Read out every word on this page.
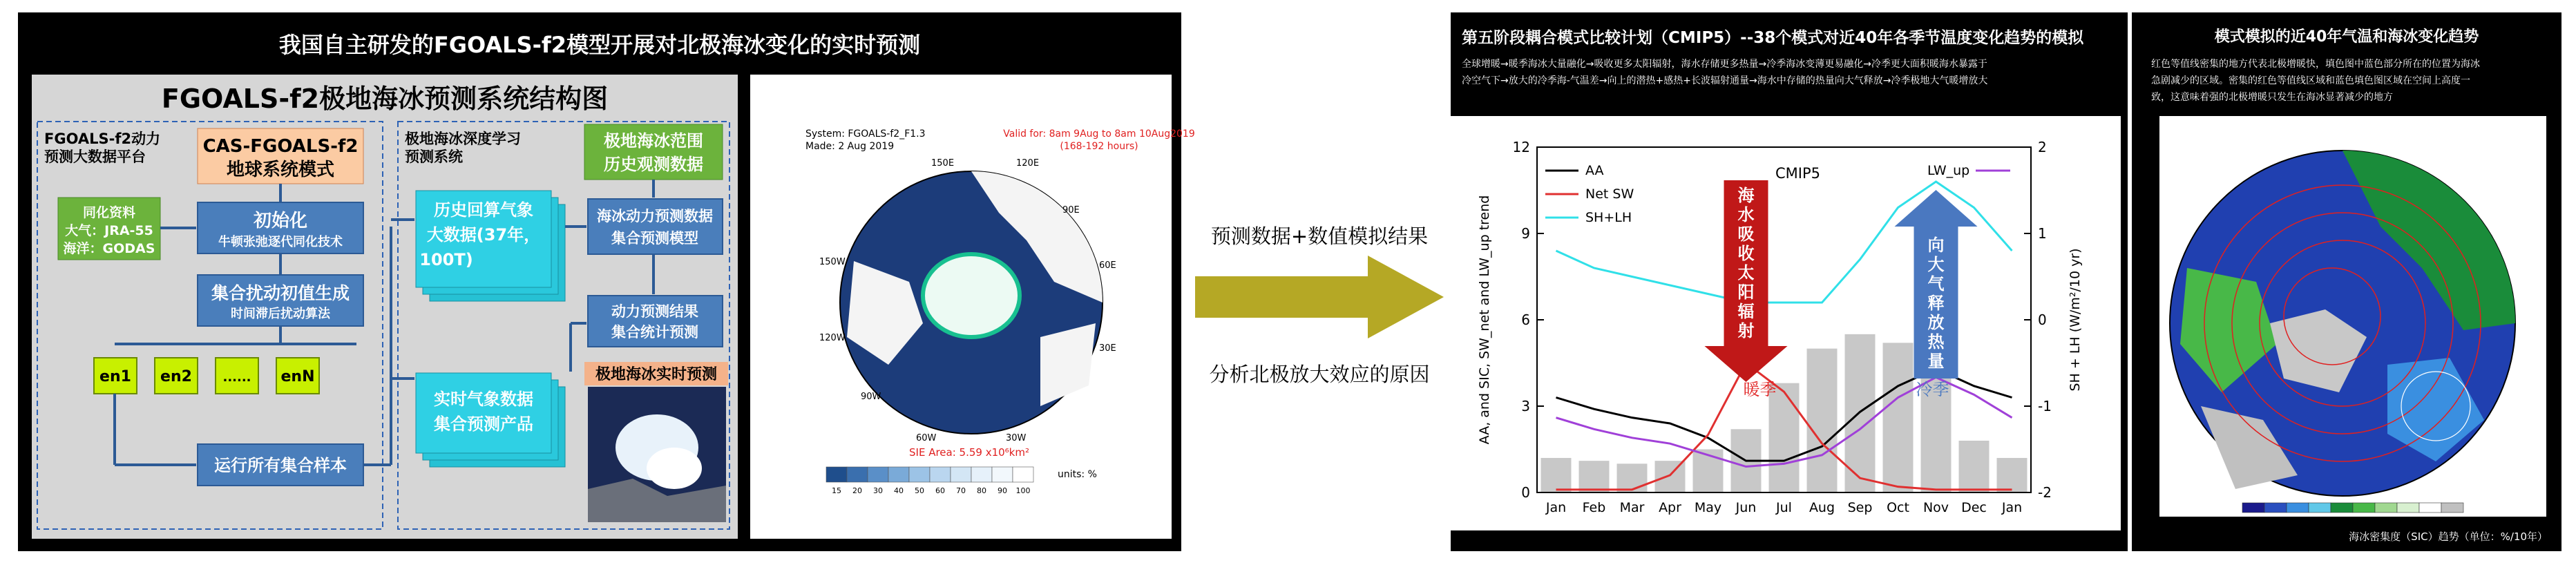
我国自主研发的FGOALS-f2模型开展对北极海冰变化的实时预测
FGOALS-f2极地海冰预测系统结构图
FGOALS-f2动力
预测大数据平台	CAS-FGOALS-f2
地球系统模式
同化资料
大气：JRA-55
海洋：GODAS
初始化
牛顿张弛逐代同化技术
集合扰动初值生成
时间滞后扰动算法
en1 en2 ...... enN
运行所有集合样本
极地海冰深度学习
预测系统
极地海冰范围
历史观测数据
历史回算气象
大数据(37年，
100T)
实时气象数据
集合预测产品
海冰动力预测数据
集合预测模型
动力预测结果
集合统计预测
极地海冰实时预测
System: FGOALS-f2_F1.3
Made: 2 Aug 2019
Valid for: 8am 9Aug to 8am 10Aug2019
(168-192 hours)
150E	120E
90E
60E
30E
150W
120W
90W
60W	30W
SIE Area: 5.59 x10⁶km²
15 20 30 40 50 60 70 80 90 100
units: %
预测数据+数值模拟结果
分析北极放大效应的原因
第五阶段耦合模式比较计划（CMIP5）--38个模式对近40年各季节温度变化趋势的模拟
全球增暖→暖季海冰大量融化→吸收更多太阳辐射，海水存储更多热量→冷季海冰变薄更易融化→冷季更大面积暖海水暴露于
冷空气下→放大的冷季海-气温差→向上的潜热+感热+长波辐射通量→海水中存储的热量向大气释放→冷季极地大气暖增放大
0
3
6
9
12
-2
-1
0
1
2
Jan Feb Mar Apr May Jun Jul Aug Sep Oct Nov Dec Jan
AA, and SIC, SW_net and LW_up trend	SH + LH (W/m²/10 yr)
CMIP5
AA
Net SW
SH+LH
LW_up
海
水
吸
收
太
阳
辐
射
向
大
气
释
放
热
量
暖季	冷季
模式模拟的近40年气温和海冰变化趋势
红色等值线密集的地方代表北极增暖快，填色图中蓝色部分所在的位置为海冰
急剧减少的区域。密集的红色等值线区域和蓝色填色图区域在空间上高度一
致，这意味着强的北极增暖只发生在海冰显著减少的地方
海冰密集度（SIC）趋势（单位：%/10年）
